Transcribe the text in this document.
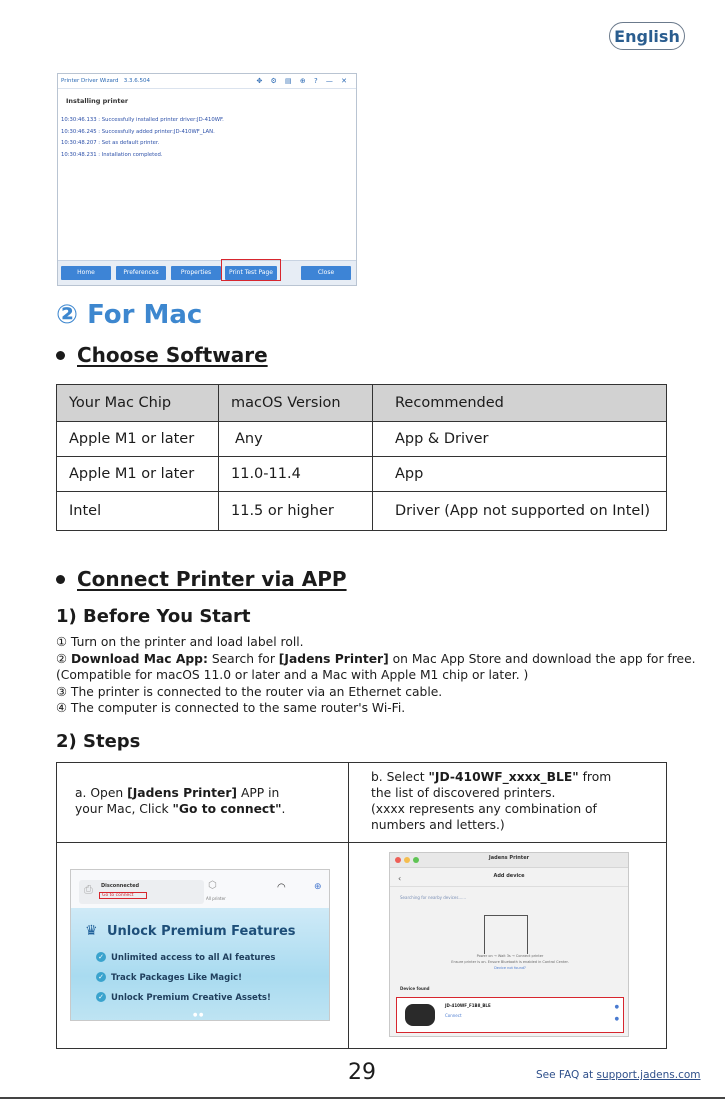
English
Printer Driver Wizard 3.3.6.504	✥ ⚙ ▤ ⊕ ? — ✕
Installing printer
10:30:46.133 : Successfully installed printer driver:JD-410WF.
10:30:46.245 : Successfully added printer:JD-410WF_LAN.
10:30:48.207 : Set as default printer.
10:30:48.231 : Installation completed.
Home	Preferences	Properties	Print Test Page	Close
② For Mac
Choose Software
Your Mac Chip	macOS Version	Recommended
Apple M1 or later	Any	App & Driver
Apple M1 or later	11.0-11.4	App
Intel	11.5 or higher	Driver (App not supported on Intel)
Connect Printer via APP
1) Before You Start
① Turn on the printer and load label roll.
② Download Mac App: Search for [Jadens Printer] on Mac App Store and download the app for free.
(Compatible for macOS 11.0 or later and a Mac with Apple M1 chip or later. )
③ The printer is connected to the router via an Ethernet cable.
④ The computer is connected to the same router's Wi-Fi.
2) Steps
a. Open [Jadens Printer] APP in
your Mac, Click "Go to connect".
b. Select "JD-410WF_xxxx_BLE" from
the list of discovered printers.
(xxxx represents any combination of
numbers and letters.)
⎙ Disconnected
Go to connect
⬡
All printer
◠	⊕
♛ Unlock Premium Features
✓ Unlimited access to all AI features
✓ Track Packages Like Magic!
✓ Unlock Premium Creative Assets!
● ●
Jadens Printer
‹	Add device
Searching for nearby devices......
Power on → Wait 3s → Connect printer
Ensure printer is on. Ensure Bluetooth is enabled in Control Center.
Device not found?
Device found
JD-410WF_F1B8_BLE
Connect
●
●
29	See FAQ at support.jadens.com
